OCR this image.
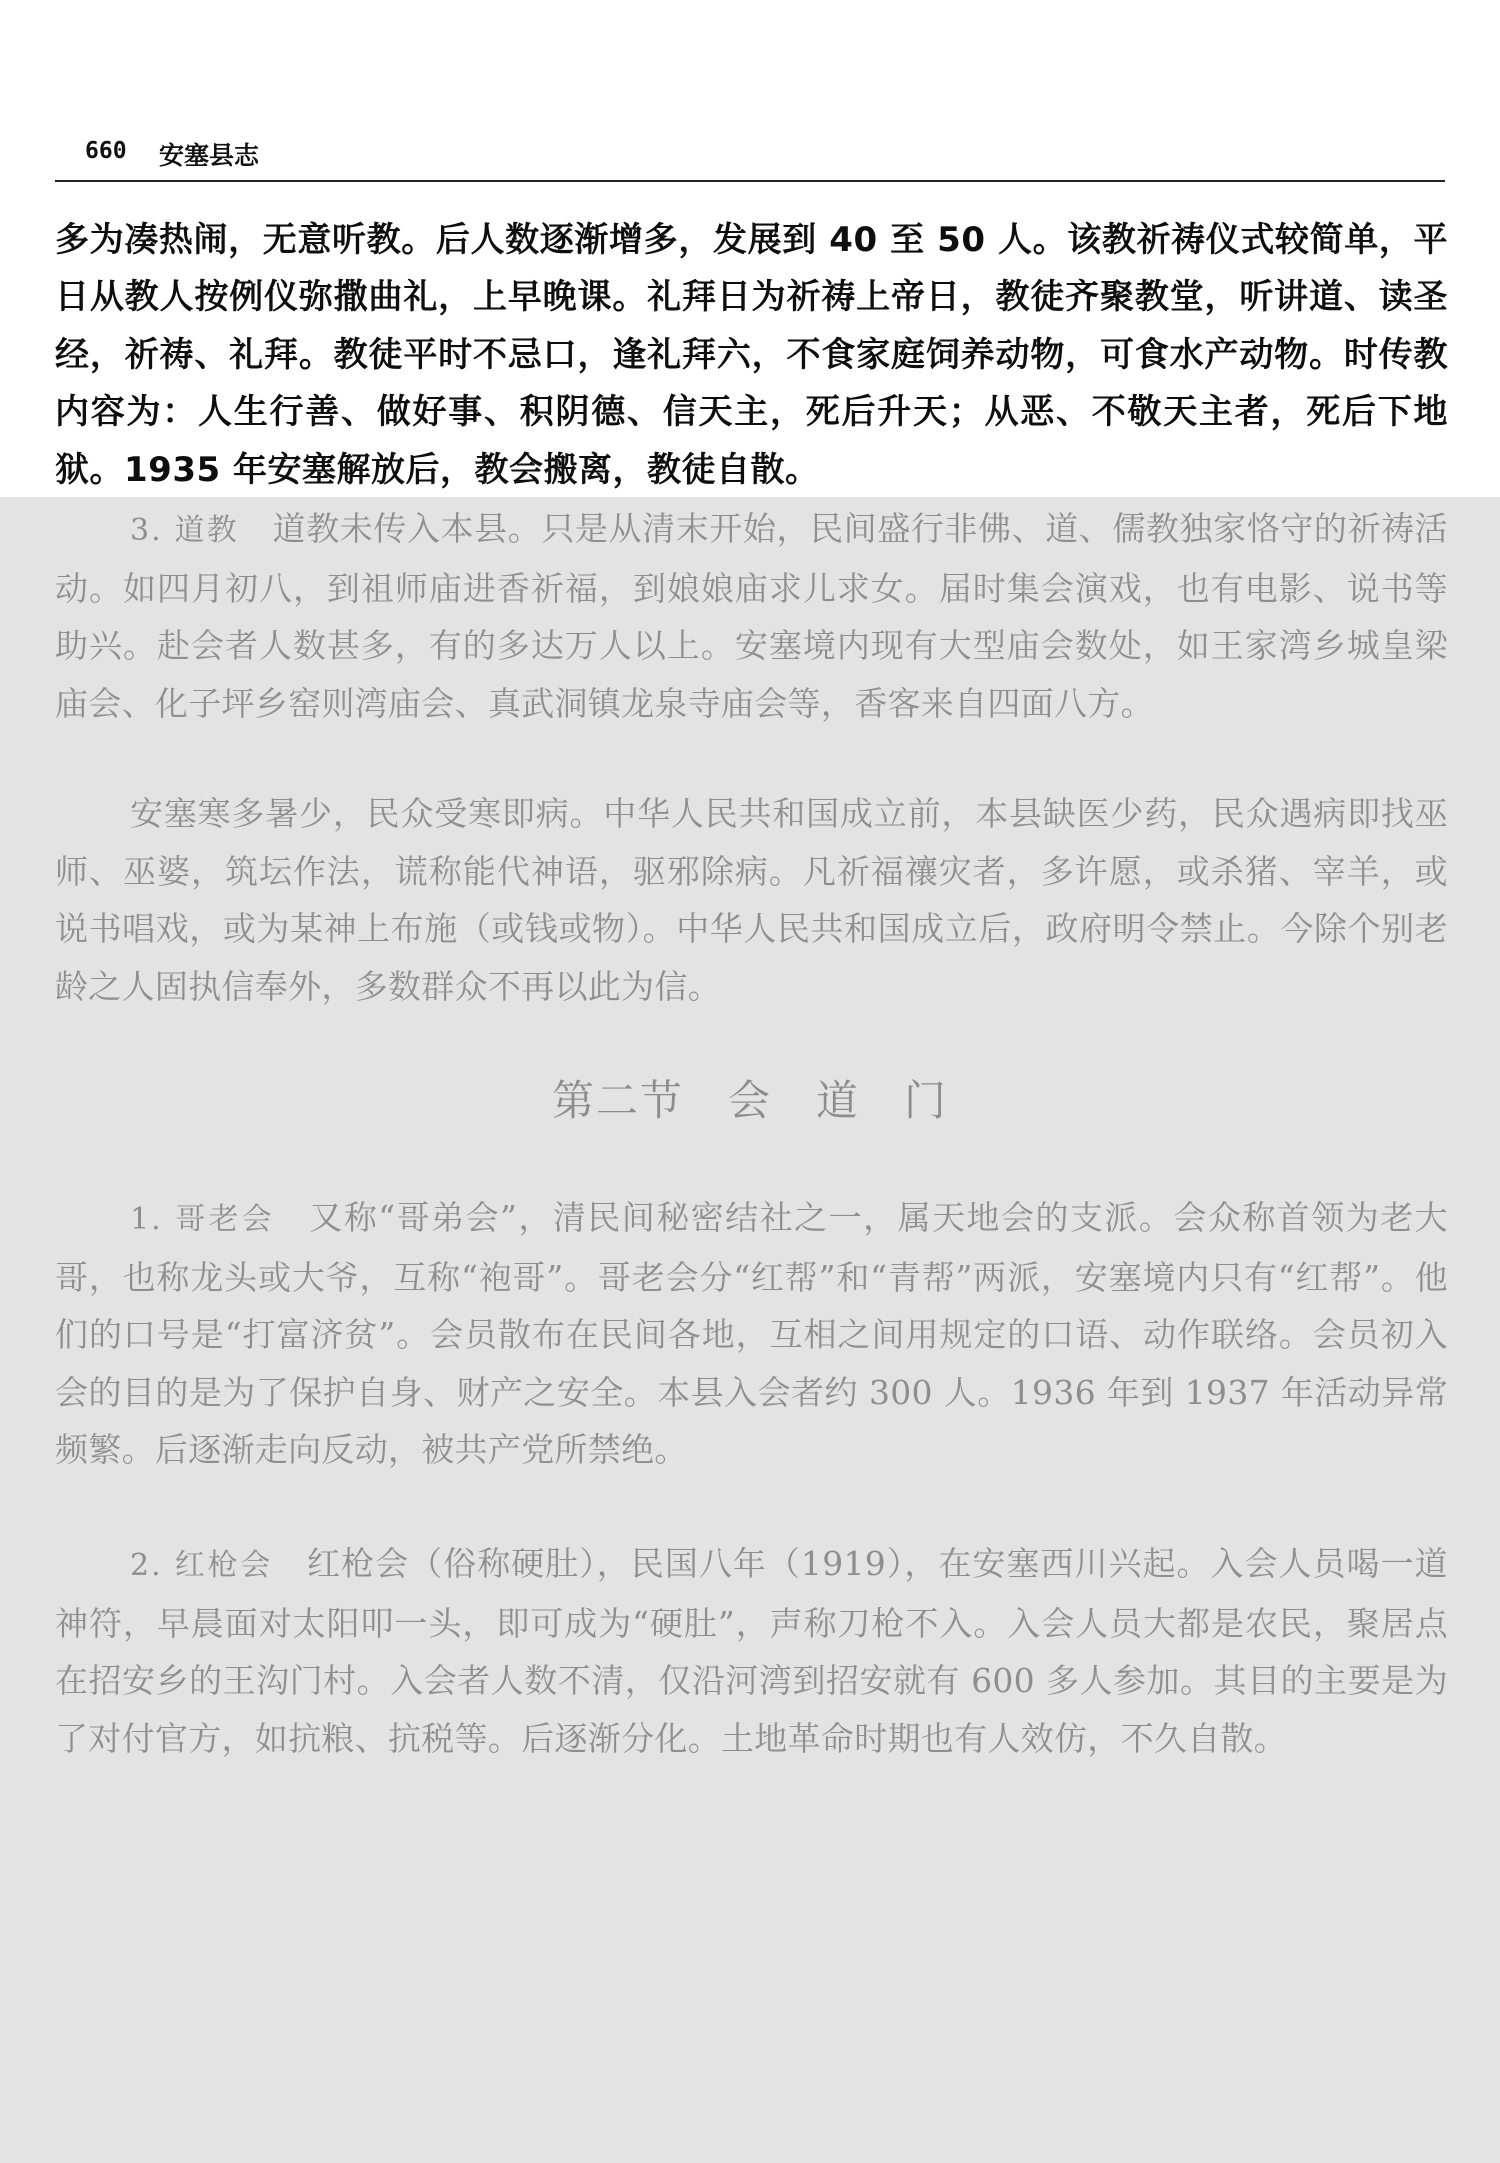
660 安塞县志

多为凑热闹，无意听教。后人数逐渐增多，发展到 40 至 50 人。该教祈祷仪式较简单，平日从教人按例仪弥撒曲礼，上早晚课。礼拜日为祈祷上帝日，教徒齐聚教堂，听讲道、读圣经，祈祷、礼拜。教徒平时不忌口，逢礼拜六，不食家庭饲养动物，可食水产动物。时传教内容为：人生行善、做好事、积阴德、信天主，死后升天；从恶、不敬天主者，死后下地狱。1935 年安塞解放后，教会搬离，教徒自散。

3. 道教　 道教未传入本县。只是从清末开始，民间盛行非佛、道、儒教独家恪守的祈祷活动。如四月初八，到祖师庙进香祈福，到娘娘庙求儿求女。届时集会演戏，也有电影、说书等助兴。赴会者人数甚多，有的多达万人以上。安塞境内现有大型庙会数处，如王家湾乡城皇梁庙会、化子坪乡窑则湾庙会、真武洞镇龙泉寺庙会等，香客来自四面八方。

安塞寒多暑少，民众受寒即病。中华人民共和国成立前，本县缺医少药，民众遇病即找巫师、巫婆，筑坛作法，谎称能代神语，驱邪除病。凡祈福禳灾者，多许愿，或杀猪、宰羊，或说书唱戏，或为某神上布施（或钱或物）。中华人民共和国成立后，政府明令禁止。今除个别老龄之人固执信奉外，多数群众不再以此为信。

第二节 会 道 门

1. 哥老会　 又称“哥弟会”，清民间秘密结社之一，属天地会的支派。会众称首领为老大哥，也称龙头或大爷，互称“袍哥”。哥老会分“红帮”和“青帮”两派，安塞境内只有“红帮”。他们的口号是“打富济贫”。会员散布在民间各地，互相之间用规定的口语、动作联络。会员初入会的目的是为了保护自身、财产之安全。本县入会者约 300 人。1936 年到 1937 年活动异常频繁。后逐渐走向反动，被共产党所禁绝。

2. 红枪会　 红枪会（俗称硬肚），民国八年（1919），在安塞西川兴起。入会人员喝一道神符，早晨面对太阳叩一头，即可成为“硬肚”，声称刀枪不入。入会人员大都是农民，聚居点在招安乡的王沟门村。入会者人数不清，仅沿河湾到招安就有 600 多人参加。其目的主要是为了对付官方，如抗粮、抗税等。后逐渐分化。土地革命时期也有人效仿，不久自散。
